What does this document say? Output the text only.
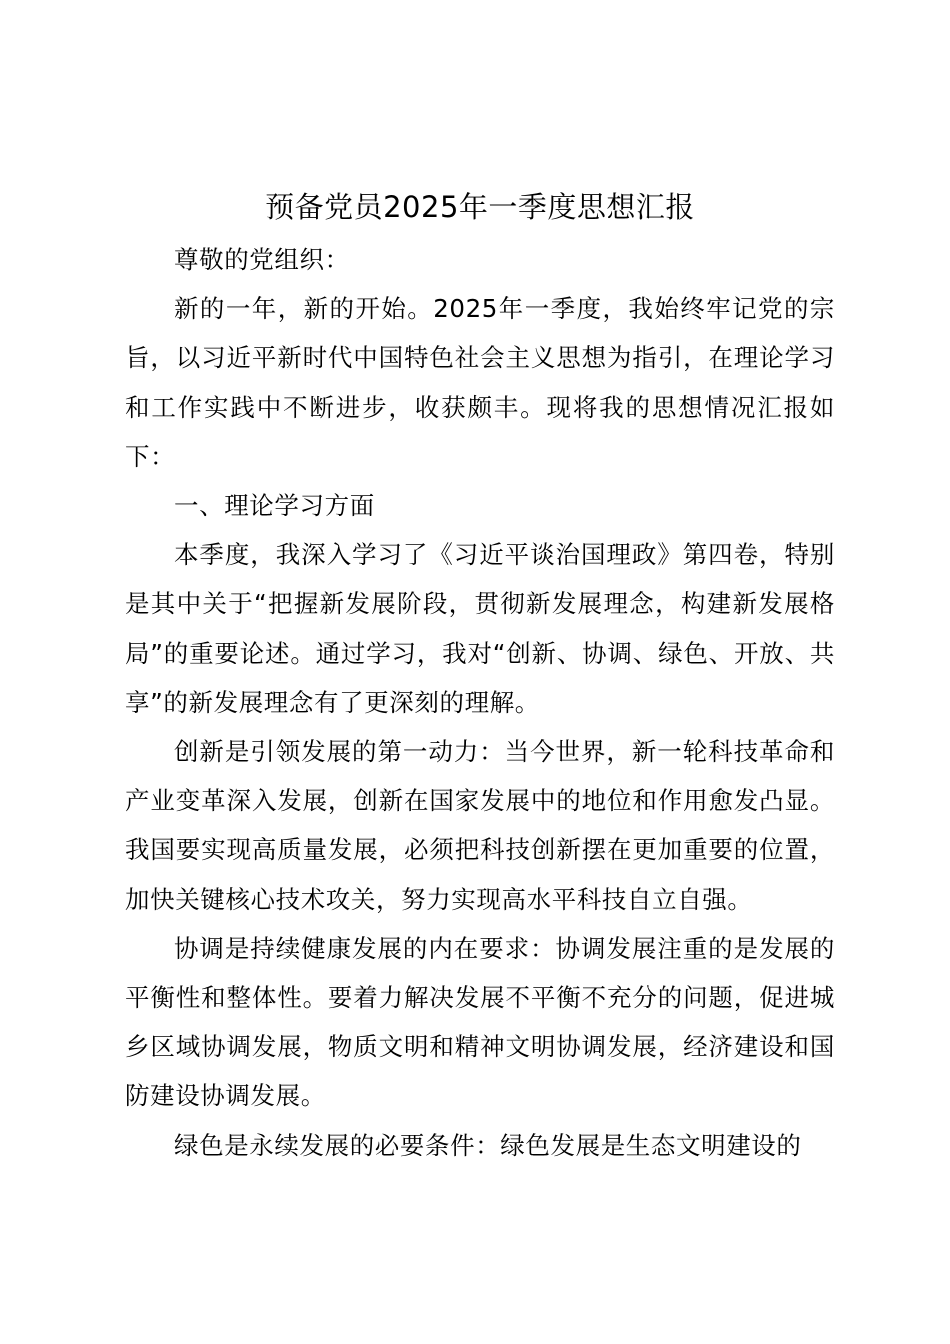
预备党员2025年一季度思想汇报

尊敬的党组织：

新的一年，新的开始。2025年一季度，我始终牢记党的宗旨，以习近平新时代中国特色社会主义思想为指引，在理论学习和工作实践中不断进步，收获颇丰。现将我的思想情况汇报如下：

一、理论学习方面

本季度，我深入学习了《习近平谈治国理政》第四卷，特别是其中关于“把握新发展阶段，贯彻新发展理念，构建新发展格局”的重要论述。通过学习，我对“创新、协调、绿色、开放、共享”的新发展理念有了更深刻的理解。

创新是引领发展的第一动力：当今世界，新一轮科技革命和产业变革深入发展，创新在国家发展中的地位和作用愈发凸显。我国要实现高质量发展，必须把科技创新摆在更加重要的位置，加快关键核心技术攻关，努力实现高水平科技自立自强。

协调是持续健康发展的内在要求：协调发展注重的是发展的平衡性和整体性。要着力解决发展不平衡不充分的问题，促进城乡区域协调发展，物质文明和精神文明协调发展，经济建设和国防建设协调发展。

绿色是永续发展的必要条件：绿色发展是生态文明建设的
